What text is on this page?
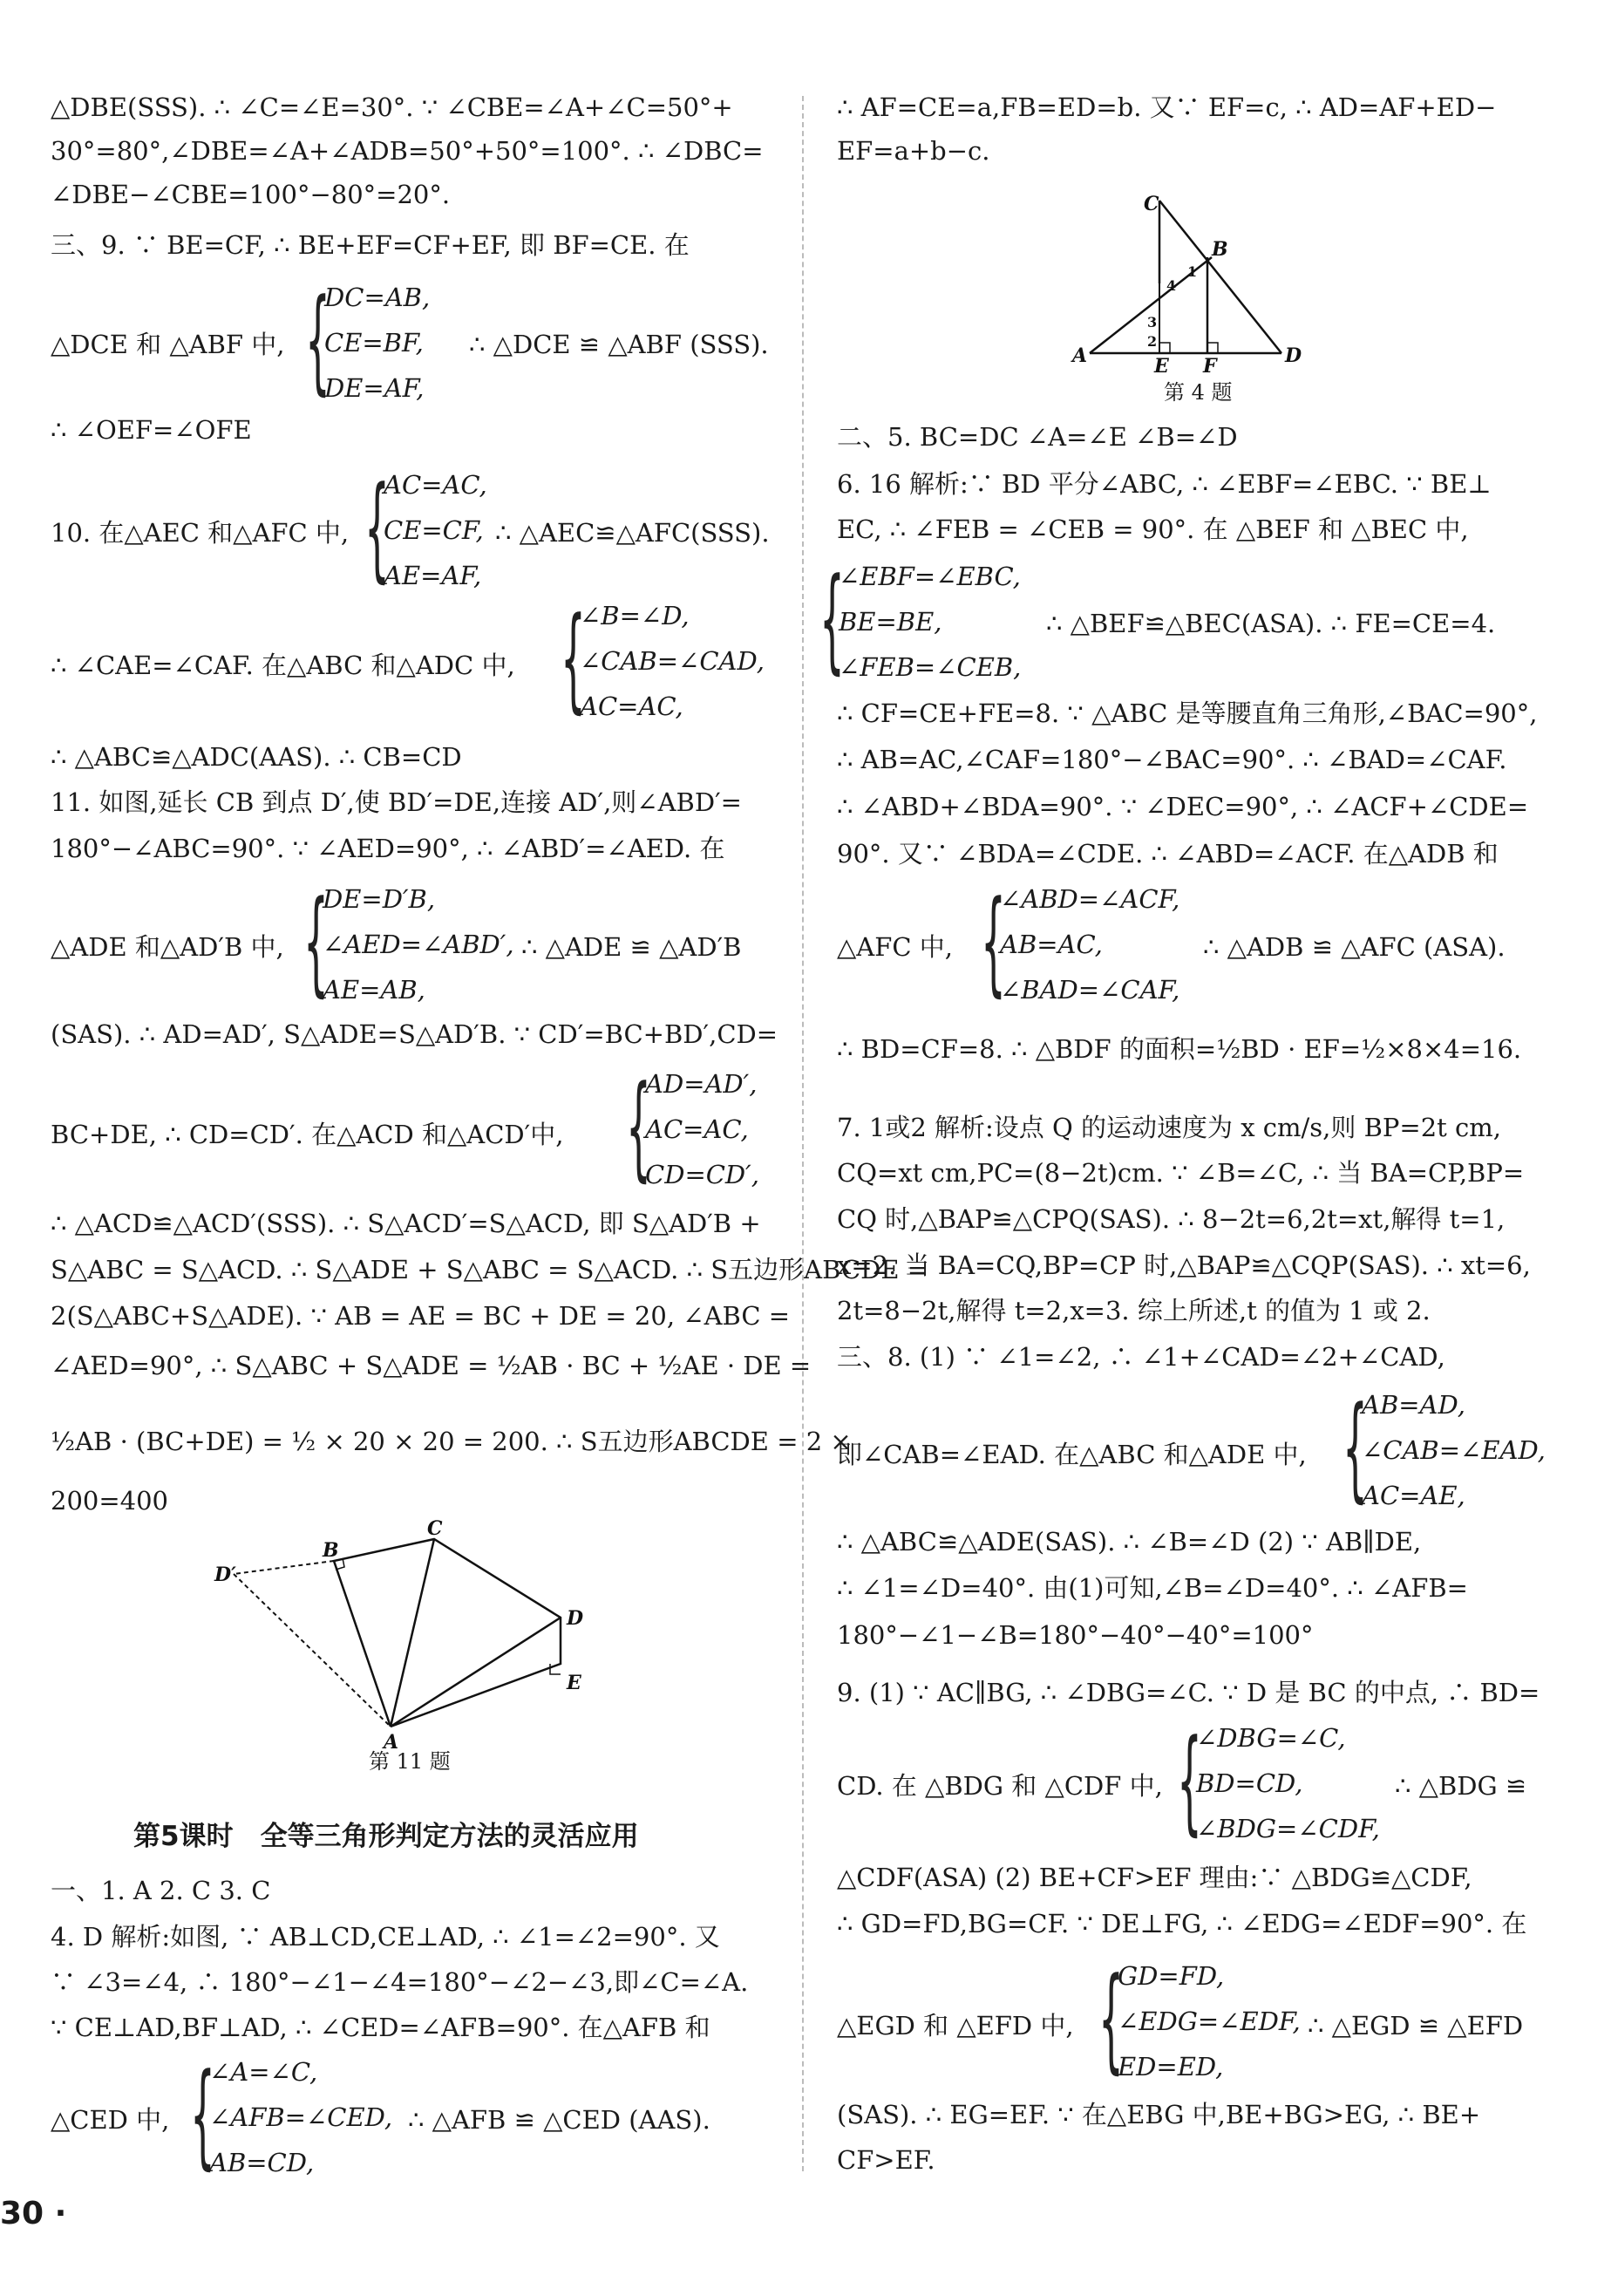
△DBE(SSS). ∴ ∠C=∠E=30°. ∵ ∠CBE=∠A+∠C=50°+
30°=80°,∠DBE=∠A+∠ADB=50°+50°=100°. ∴ ∠DBC=
∠DBE−∠CBE=100°−80°=20°.
三、9. ∵ BE=CF, ∴ BE+EF=CF+EF, 即 BF=CE. 在
△DCE 和 △ABF 中, {
DC=AB,
CE=BF,
DE=AF,
∴ △DCE ≌ △ABF (SSS).
∴ ∠OEF=∠OFE
10. 在△AEC 和△AFC 中, {
AC=AC,
CE=CF,
AE=AF,
∴ △AEC≌△AFC(SSS).
∴ ∠CAE=∠CAF. 在△ABC 和△ADC 中, {
∠B=∠D,
∠CAB=∠CAD,
AC=AC,
∴ △ABC≌△ADC(AAS). ∴ CB=CD
11. 如图,延长 CB 到点 D′,使 BD′=DE,连接 AD′,则∠ABD′=
180°−∠ABC=90°. ∵ ∠AED=90°, ∴ ∠ABD′=∠AED. 在
△ADE 和△AD′B 中, {
DE=D′B,
∠AED=∠ABD′,
AE=AB,
∴ △ADE ≌ △AD′B
(SAS). ∴ AD=AD′, S△ADE=S△AD′B. ∵ CD′=BC+BD′,CD=
BC+DE, ∴ CD=CD′. 在△ACD 和△ACD′中, {
AD=AD′,
AC=AC,
CD=CD′,
∴ △ACD≌△ACD′(SSS). ∴ S△ACD′=S△ACD, 即 S△AD′B +
S△ABC = S△ACD. ∴ S△ADE + S△ABC = S△ACD. ∴ S五边形ABCDE =
2(S△ABC+S△ADE). ∵ AB = AE = BC + DE = 20, ∠ABC =
∠AED=90°, ∴ S△ABC + S△ADE = ½AB · BC + ½AE · DE =
½AB · (BC+DE) = ½ × 20 × 20 = 200. ∴ S五边形ABCDE = 2 ×
200=400
A
B
C
D
D′
E
第 11 题
第5课时　全等三角形判定方法的灵活应用
一、1. A 2. C 3. C
4. D 解析:如图, ∵ AB⊥CD,CE⊥AD, ∴ ∠1=∠2=90°. 又
∵ ∠3=∠4, ∴ 180°−∠1−∠4=180°−∠2−∠3,即∠C=∠A.
∵ CE⊥AD,BF⊥AD, ∴ ∠CED=∠AFB=90°. 在△AFB 和
△CED 中, {
∠A=∠C,
∠AFB=∠CED,
AB=CD,
∴ △AFB ≌ △CED (AAS).
30 ·
∴ AF=CE=a,FB=ED=b. 又∵ EF=c, ∴ AD=AF+ED−
EF=a+b−c.
A
B
C
D
E F
1
2
3
4
第 4 题
二、5. BC=DC ∠A=∠E ∠B=∠D
6. 16 解析:∵ BD 平分∠ABC, ∴ ∠EBF=∠EBC. ∵ BE⊥
EC, ∴ ∠FEB = ∠CEB = 90°. 在 △BEF 和 △BEC 中,
{
∠EBF=∠EBC,
BE=BE,
∠FEB=∠CEB,
∴ △BEF≌△BEC(ASA). ∴ FE=CE=4.
∴ CF=CE+FE=8. ∵ △ABC 是等腰直角三角形,∠BAC=90°,
∴ AB=AC,∠CAF=180°−∠BAC=90°. ∴ ∠BAD=∠CAF.
∴ ∠ABD+∠BDA=90°. ∵ ∠DEC=90°, ∴ ∠ACF+∠CDE=
90°. 又∵ ∠BDA=∠CDE. ∴ ∠ABD=∠ACF. 在△ADB 和
△AFC 中, {
∠ABD=∠ACF,
AB=AC,
∠BAD=∠CAF,
∴ △ADB ≌ △AFC (ASA).
∴ BD=CF=8. ∴ △BDF 的面积=½BD · EF=½×8×4=16.
7. 1或2 解析:设点 Q 的运动速度为 x cm/s,则 BP=2t cm,
CQ=xt cm,PC=(8−2t)cm. ∵ ∠B=∠C, ∴ 当 BA=CP,BP=
CQ 时,△BAP≌△CPQ(SAS). ∴ 8−2t=6,2t=xt,解得 t=1,
x=2. 当 BA=CQ,BP=CP 时,△BAP≌△CQP(SAS). ∴ xt=6,
2t=8−2t,解得 t=2,x=3. 综上所述,t 的值为 1 或 2.
三、8. (1) ∵ ∠1=∠2, ∴ ∠1+∠CAD=∠2+∠CAD,
即∠CAB=∠EAD. 在△ABC 和△ADE 中, {
AB=AD,
∠CAB=∠EAD,
AC=AE,
∴ △ABC≌△ADE(SAS). ∴ ∠B=∠D (2) ∵ AB∥DE,
∴ ∠1=∠D=40°. 由(1)可知,∠B=∠D=40°. ∴ ∠AFB=
180°−∠1−∠B=180°−40°−40°=100°
9. (1) ∵ AC∥BG, ∴ ∠DBG=∠C. ∵ D 是 BC 的中点, ∴ BD=
CD. 在 △BDG 和 △CDF 中, {
∠DBG=∠C,
BD=CD,
∠BDG=∠CDF,
∴ △BDG ≌
△CDF(ASA) (2) BE+CF>EF 理由:∵ △BDG≌△CDF,
∴ GD=FD,BG=CF. ∵ DE⊥FG, ∴ ∠EDG=∠EDF=90°. 在
△EGD 和 △EFD 中, {
GD=FD,
∠EDG=∠EDF,
ED=ED,
∴ △EGD ≌ △EFD
(SAS). ∴ EG=EF. ∵ 在△EBG 中,BE+BG>EG, ∴ BE+
CF>EF.
